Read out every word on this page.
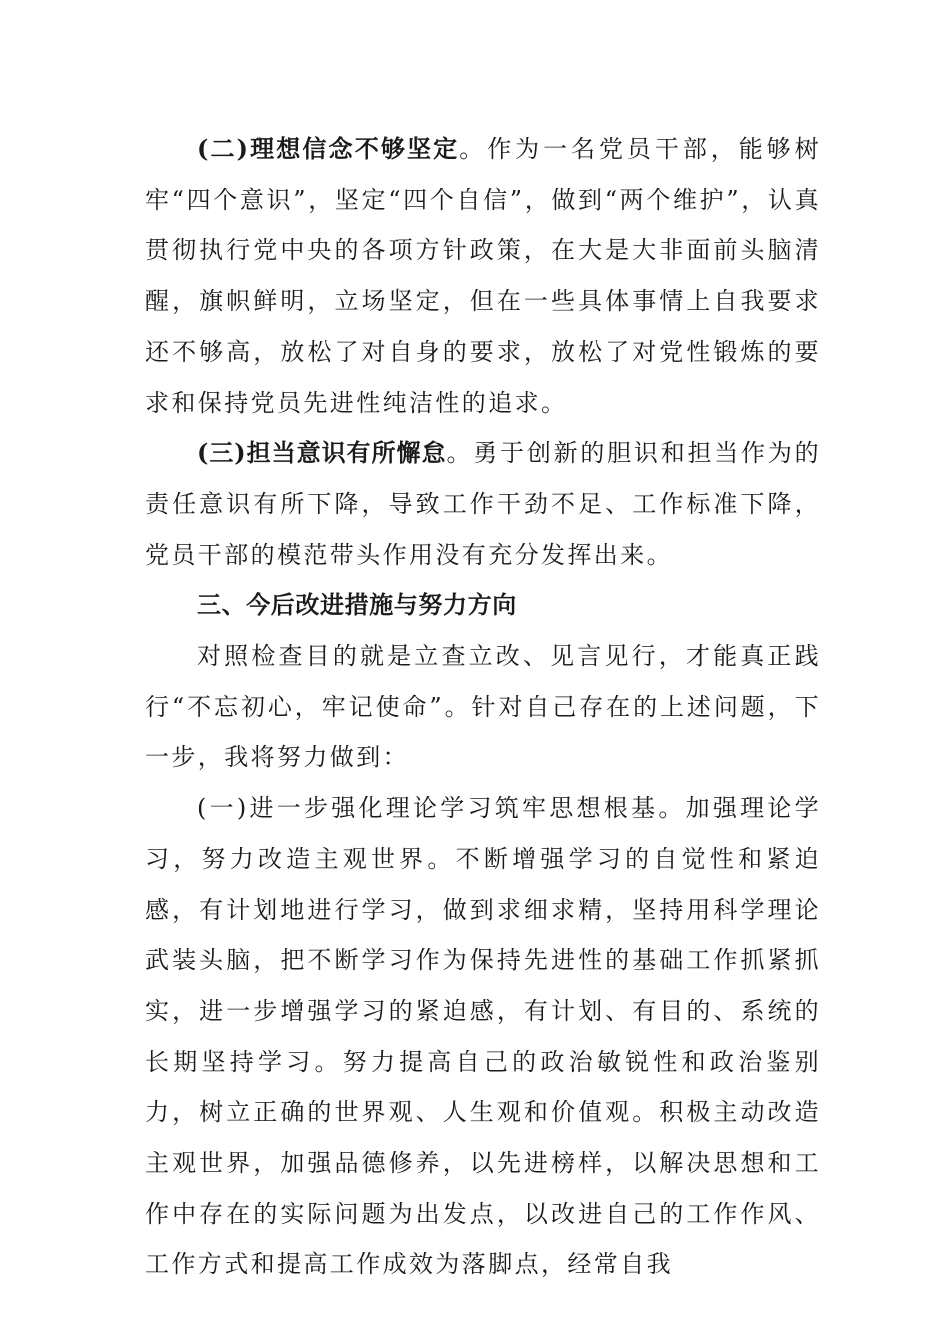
(二)理想信念不够坚定。作为一名党员干部，能够树牢“四个意识”，坚定“四个自信”，做到“两个维护”，认真贯彻执行党中央的各项方针政策，在大是大非面前头脑清醒，旗帜鲜明，立场坚定，但在一些具体事情上自我要求还不够高，放松了对自身的要求，放松了对党性锻炼的要求和保持党员先进性纯洁性的追求。

(三)担当意识有所懈怠。勇于创新的胆识和担当作为的责任意识有所下降，导致工作干劲不足、工作标准下降，党员干部的模范带头作用没有充分发挥出来。

三、今后改进措施与努力方向

对照检查目的就是立查立改、见言见行，才能真正践行“不忘初心，牢记使命”。针对自己存在的上述问题，下一步，我将努力做到：

(一)进一步强化理论学习筑牢思想根基。加强理论学习，努力改造主观世界。不断增强学习的自觉性和紧迫感，有计划地进行学习，做到求细求精，坚持用科学理论武装头脑，把不断学习作为保持先进性的基础工作抓紧抓实，进一步增强学习的紧迫感，有计划、有目的、系统的长期坚持学习。努力提高自己的政治敏锐性和政治鉴别力，树立正确的世界观、人生观和价值观。积极主动改造主观世界，加强品德修养，以先进榜样，以解决思想和工作中存在的实际问题为出发点，以改进自己的工作作风、工作方式和提高工作成效为落脚点，经常自我
